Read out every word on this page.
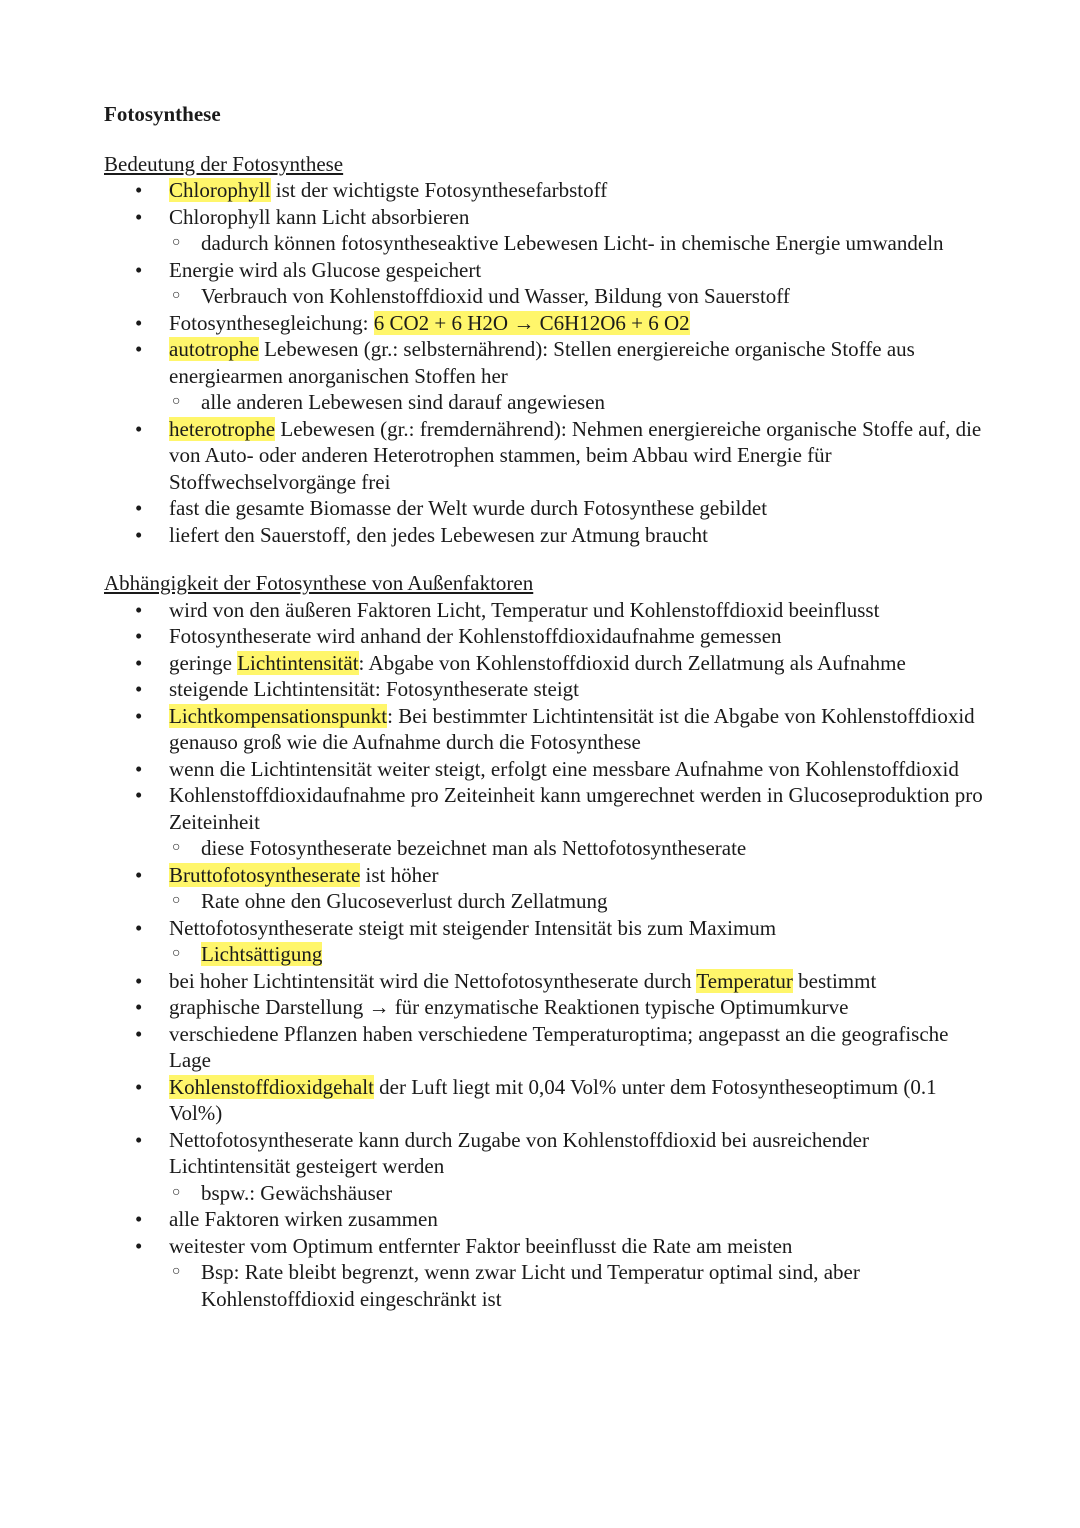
Fotosynthese

Bedeutung der Fotosynthese

• Chlorophyll ist der wichtigste Fotosynthesefarbstoff
• Chlorophyll kann Licht absorbieren
○ dadurch können fotosyntheseaktive Lebewesen Licht- in chemische Energie umwandeln
• Energie wird als Glucose gespeichert
○ Verbrauch von Kohlenstoffdioxid und Wasser, Bildung von Sauerstoff
• Fotosynthesegleichung: 6 CO2 + 6 H2O → C6H12O6 + 6 O2
• autotrophe Lebewesen (gr.: selbsternährend): Stellen energiereiche organische Stoffe aus energiearmen anorganischen Stoffen her
○ alle anderen Lebewesen sind darauf angewiesen
• heterotrophe Lebewesen (gr.: fremdernährend): Nehmen energiereiche organische Stoffe auf, die von Auto- oder anderen Heterotrophen stammen, beim Abbau wird Energie für Stoffwechselvorgänge frei
• fast die gesamte Biomasse der Welt wurde durch Fotosynthese gebildet
• liefert den Sauerstoff, den jedes Lebewesen zur Atmung braucht

Abhängigkeit der Fotosynthese von Außenfaktoren

• wird von den äußeren Faktoren Licht, Temperatur und Kohlenstoffdioxid beeinflusst
• Fotosyntheserate wird anhand der Kohlenstoffdioxidaufnahme gemessen
• geringe Lichtintensität: Abgabe von Kohlenstoffdioxid durch Zellatmung als Aufnahme
• steigende Lichtintensität: Fotosyntheserate steigt
• Lichtkompensationspunkt: Bei bestimmter Lichtintensität ist die Abgabe von Kohlenstoffdioxid genauso groß wie die Aufnahme durch die Fotosynthese
• wenn die Lichtintensität weiter steigt, erfolgt eine messbare Aufnahme von Kohlenstoffdioxid
• Kohlenstoffdioxidaufnahme pro Zeiteinheit kann umgerechnet werden in Glucoseproduktion pro Zeiteinheit
○ diese Fotosyntheserate bezeichnet man als Nettofotosyntheserate
• Bruttofotosyntheserate ist höher
○ Rate ohne den Glucoseverlust durch Zellatmung
• Nettofotosyntheserate steigt mit steigender Intensität bis zum Maximum
○ Lichtsättigung
• bei hoher Lichtintensität wird die Nettofotosyntheserate durch Temperatur bestimmt
• graphische Darstellung → für enzymatische Reaktionen typische Optimumkurve
• verschiedene Pflanzen haben verschiedene Temperaturoptima; angepasst an die geografische Lage
• Kohlenstoffdioxidgehalt der Luft liegt mit 0,04 Vol% unter dem Fotosyntheseoptimum (0.1 Vol%)
• Nettofotosyntheserate kann durch Zugabe von Kohlenstoffdioxid bei ausreichender Lichtintensität gesteigert werden
○ bspw.: Gewächshäuser
• alle Faktoren wirken zusammen
• weitester vom Optimum entfernter Faktor beeinflusst die Rate am meisten
○ Bsp: Rate bleibt begrenzt, wenn zwar Licht und Temperatur optimal sind, aber Kohlenstoffdioxid eingeschränkt ist
